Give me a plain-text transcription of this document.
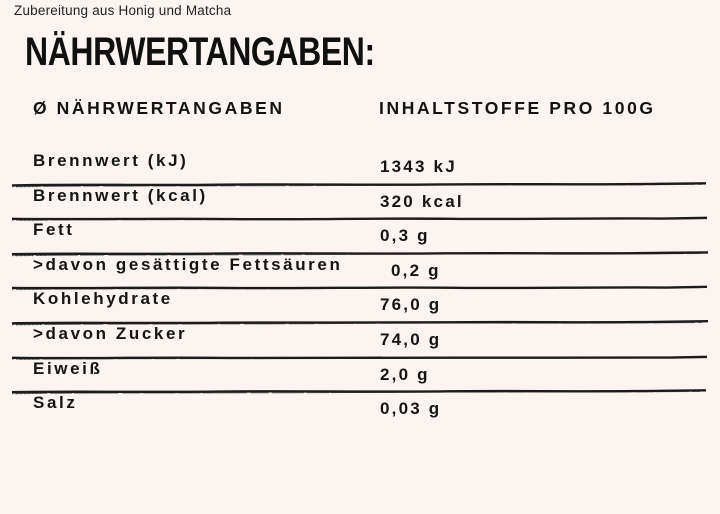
Zubereitung aus Honig und Matcha
NÄHRWERTANGABEN:
Ø NÄHRWERTANGABEN	INHALTSTOFFE PRO 100G
Brennwert (kJ)	1343 kJ
Brennwert (kcal)	320 kcal
Fett	0,3 g
>davon gesättigte Fettsäuren	0,2 g
Kohlehydrate	76,0 g
>davon Zucker	74,0 g
Eiweiß	2,0 g
Salz	0,03 g
